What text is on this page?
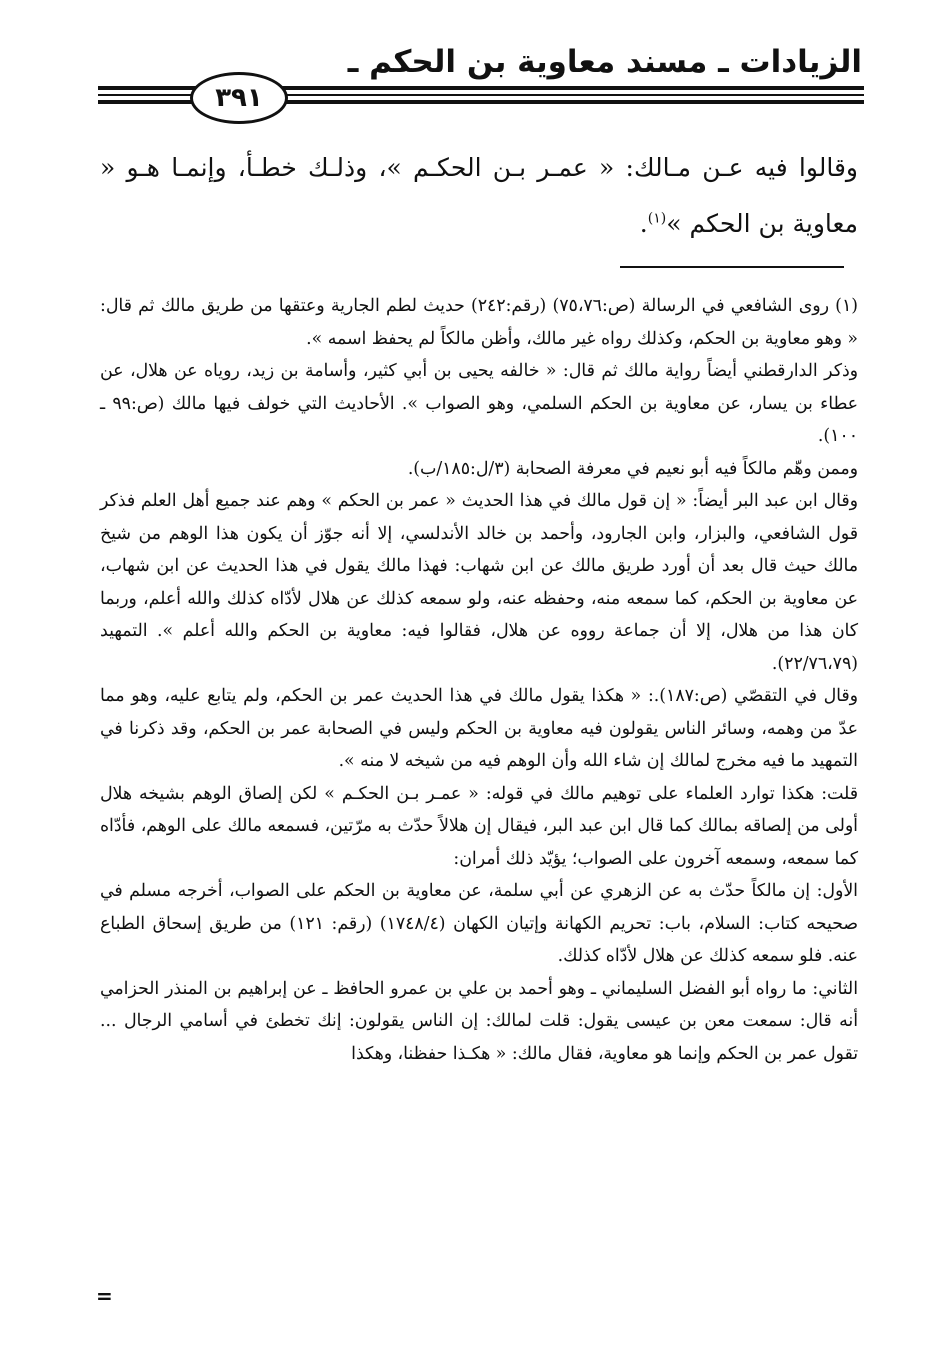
الزيادات ـ مسند معاوية بن الحكم ـ
٣٩١
وقالوا فيه عـن مـالك: « عمـر بـن الحكـم »، وذلـك خطـأ، وإنمـا هـو « معاوية بن الحكم »$^{(١)}$.

(١) روى الشافعي في الرسالة (ص:٧٥،٧٦) (رقم:٢٤٢) حديث لطم الجارية وعتقها من طريق مالك ثم قال: « وهو معاوية بن الحكم، وكذلك رواه غير مالك، وأظن مالكاً لم يحفظ اسمه ».

وذكر الدارقطني أيضاً رواية مالك ثم قال: « خالفه يحيى بن أبي كثير، وأسامة بن زيد، روياه عن هلال، عن عطاء بن يسار، عن معاوية بن الحكم السلمي، وهو الصواب ». الأحاديث التي خولف فيها مالك (ص:٩٩ ـ ١٠٠).

وممن وهّم مالكاً فيه أبو نعيم في معرفة الصحابة (٣/ل:١٨٥/ب).

وقال ابن عبد البر أيضاً: « إن قول مالك في هذا الحديث « عمر بن الحكم » وهم عند جميع أهل العلم فذكر قول الشافعي، والبزار، وابن الجارود، وأحمد بن خالد الأندلسي، إلا أنه جوّز أن يكون هذا الوهم من شيخ مالك حيث قال بعد أن أورد طريق مالك عن ابن شهاب: فهذا مالك يقول في هذا الحديث عن ابن شهاب، عن معاوية بن الحكم، كما سمعه منه، وحفظه عنه، ولو سمعه كذلك عن هلال لأدّاه كذلك والله أعلم، وربما كان هذا من هلال، إلا أن جماعة رووه عن هلال، فقالوا فيه: معاوية بن الحكم والله أعلم ». التمهيد (٢٢/٧٦،٧٩).

وقال في التقصّي (ص:١٨٧).: « هكذا يقول مالك في هذا الحديث عمر بن الحكم، ولم يتابع عليه، وهو مما عدّ من وهمه، وسائر الناس يقولون فيه معاوية بن الحكم وليس في الصحابة عمر بن الحكم، وقد ذكرنا في التمهيد ما فيه مخرج لمالك إن شاء الله وأن الوهم فيه من شيخه لا منه ».

قلت: هكذا توارد العلماء على توهيم مالك في قوله: « عمـر بـن الحكـم » لكن إلصاق الوهم بشيخه هلال أولى من إلصاقه بمالك كما قال ابن عبد البر، فيقال إن هلالاً حدّث به مرّتين، فسمعه مالك على الوهم، فأدّاه كما سمعه، وسمعه آخرون على الصواب؛ يؤيّد ذلك أمران:

الأول: إن مالكاً حدّث به عن الزهري عن أبي سلمة، عن معاوية بن الحكم على الصواب، أخرجه مسلم في صحيحه كتاب: السلام، باب: تحريم الكهانة وإتيان الكهان (١٧٤٨/٤) (رقم: ١٢١) من طريق إسحاق الطباع عنه. فلو سمعه كذلك عن هلال لأدّاه كذلك.

الثاني: ما رواه أبو الفضل السليماني ـ وهو أحمد بن علي بن عمرو الحافظ ـ عن إبراهيم بن المنذر الحزامي أنه قال: سمعت معن بن عيسى يقول: قلت لمالك: إن الناس يقولون: إنك تخطئ في أسامي الرجال ... تقول عمر بن الحكم وإنما هو معاوية، فقال مالك: « هكـذا حفظنا، وهكذا

=
